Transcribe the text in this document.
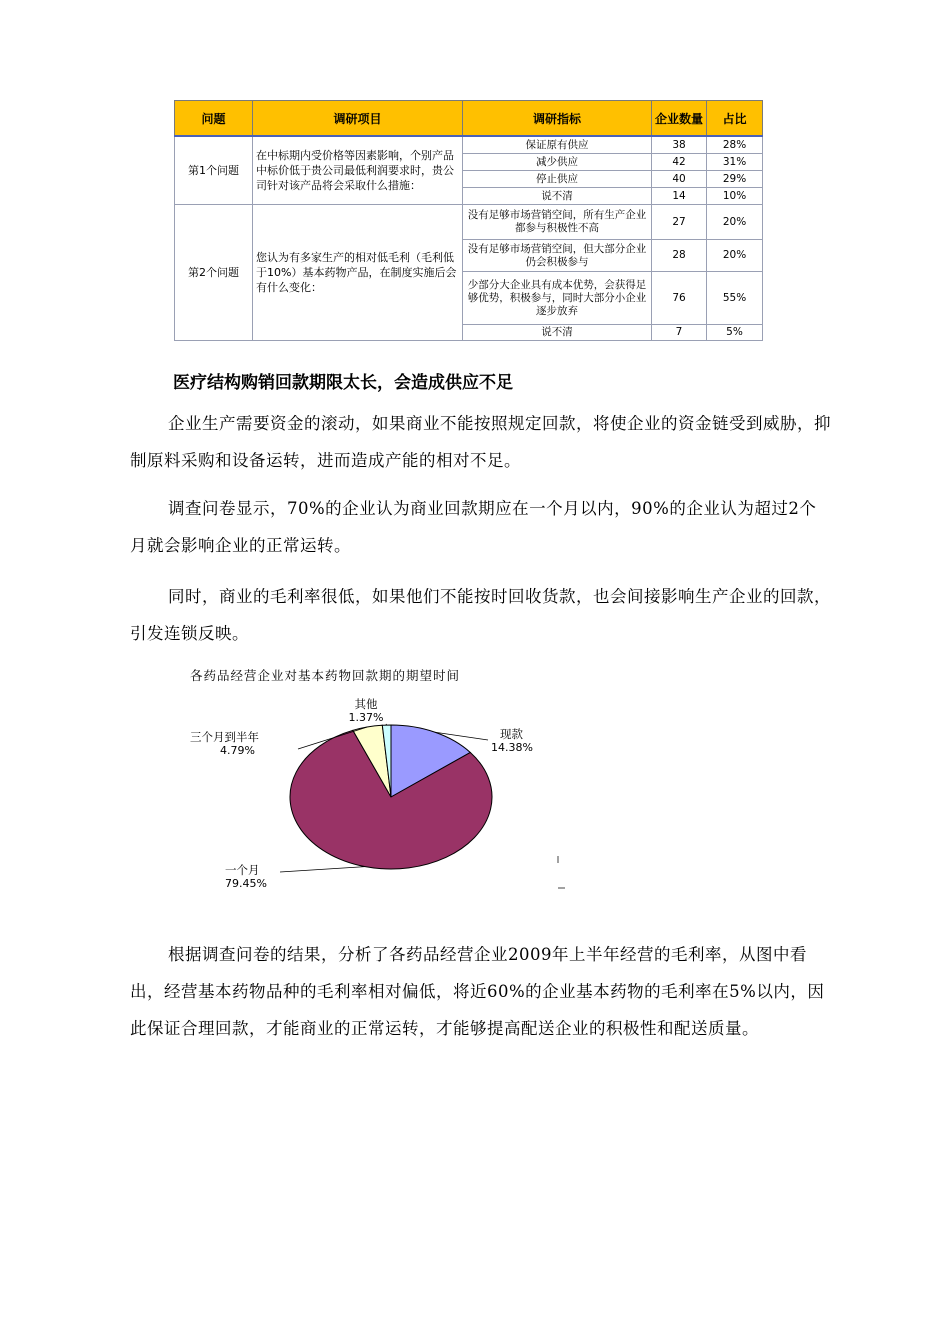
问题	调研项目	调研指标	企业数量	占比
第1个问题	在中标期内受价格等因素影响，个别产品中标价低于贵公司最低利润要求时，贵公司针对该产品将会采取什么措施：	保证原有供应	38	28%
		减少供应	42	31%
		停止供应	40	29%
		说不清	14	10%
第2个问题	您认为有多家生产的相对低毛利（毛利低于10%）基本药物产品，在制度实施后会有什么变化：	没有足够市场营销空间，所有生产企业都参与积极性不高	27	20%
		没有足够市场营销空间，但大部分企业仍会积极参与	28	20%
		少部分大企业具有成本优势，会获得足够优势，积极参与，同时大部分小企业逐步放弃	76	55%
		说不清	7	5%
医疗结构购销回款期限太长，会造成供应不足

企业生产需要资金的滚动，如果商业不能按照规定回款，将使企业的资金链受到威胁，抑制原料采购和设备运转，进而造成产能的相对不足。

调查问卷显示，70%的企业认为商业回款期应在一个月以内，90%的企业认为超过2个月就会影响企业的正常运转。

同时，商业的毛利率很低，如果他们不能按时回收货款，也会间接影响生产企业的回款，引发连锁反映。

各药品经营企业对基本药物回款期的期望时间
其他
1.37%
现款
14.38%
三个月到半年
4.79%
一个月
79.45%

根据调查问卷的结果，分析了各药品经营企业2009年上半年经营的毛利率，从图中看出，经营基本药物品种的毛利率相对偏低，将近60%的企业基本药物的毛利率在5%以内，因此保证合理回款，才能商业的正常运转，才能够提高配送企业的积极性和配送质量。
